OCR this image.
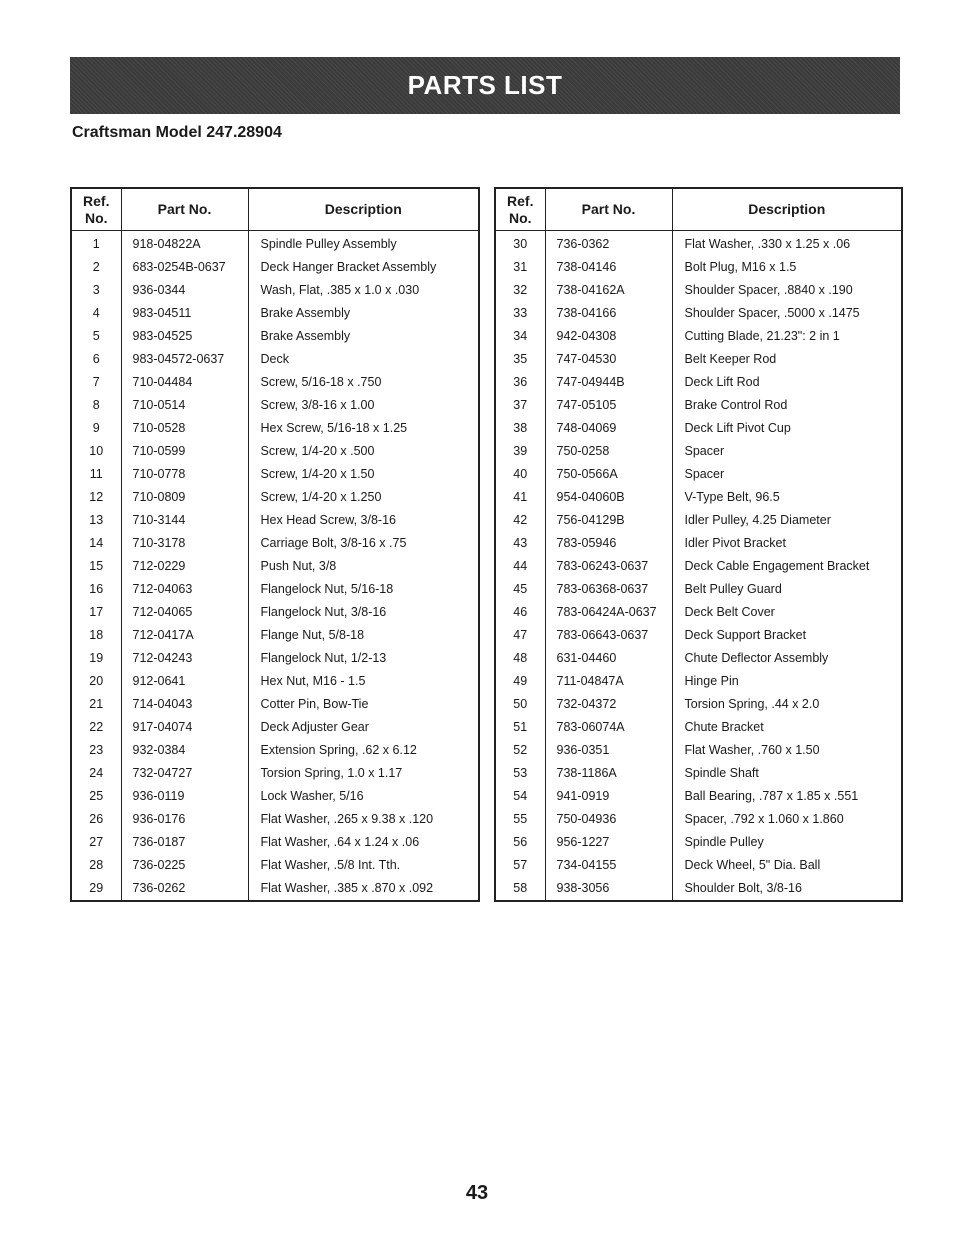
PARTS LIST
Craftsman Model 247.28904
Ref.
No.	Part No.	Description
1	918-04822A	Spindle Pulley Assembly
2	683-0254B-0637	Deck Hanger Bracket Assembly
3	936-0344	Wash, Flat, .385 x 1.0 x .030
4	983-04511	Brake Assembly
5	983-04525	Brake Assembly
6	983-04572-0637	Deck
7	710-04484	Screw, 5/16-18 x .750
8	710-0514	Screw, 3/8-16 x 1.00
9	710-0528	Hex Screw, 5/16-18 x 1.25
10	710-0599	Screw, 1/4-20 x .500
11	710-0778	Screw, 1/4-20 x 1.50
12	710-0809	Screw, 1/4-20 x 1.250
13	710-3144	Hex Head Screw, 3/8-16
14	710-3178	Carriage Bolt, 3/8-16 x .75
15	712-0229	Push Nut, 3/8
16	712-04063	Flangelock Nut, 5/16-18
17	712-04065	Flangelock Nut, 3/8-16
18	712-0417A	Flange Nut, 5/8-18
19	712-04243	Flangelock Nut, 1/2-13
20	912-0641	Hex Nut, M16 - 1.5
21	714-04043	Cotter Pin, Bow-Tie
22	917-04074	Deck Adjuster Gear
23	932-0384	Extension Spring, .62 x 6.12
24	732-04727	Torsion Spring, 1.0 x 1.17
25	936-0119	Lock Washer, 5/16
26	936-0176	Flat Washer, .265 x 9.38 x .120
27	736-0187	Flat Washer, .64 x 1.24 x .06
28	736-0225	Flat Washer, .5/8 Int. Tth.
29	736-0262	Flat Washer, .385 x .870 x .092
Ref.
No.	Part No.	Description
30	736-0362	Flat Washer, .330 x 1.25 x .06
31	738-04146	Bolt Plug, M16 x 1.5
32	738-04162A	Shoulder Spacer, .8840 x .190
33	738-04166	Shoulder Spacer, .5000 x .1475
34	942-04308	Cutting Blade, 21.23": 2 in 1
35	747-04530	Belt Keeper Rod
36	747-04944B	Deck Lift Rod
37	747-05105	Brake Control Rod
38	748-04069	Deck Lift Pivot Cup
39	750-0258	Spacer
40	750-0566A	Spacer
41	954-04060B	V-Type Belt, 96.5
42	756-04129B	Idler Pulley, 4.25 Diameter
43	783-05946	Idler Pivot Bracket
44	783-06243-0637	Deck Cable Engagement Bracket
45	783-06368-0637	Belt Pulley Guard
46	783-06424A-0637	Deck Belt Cover
47	783-06643-0637	Deck Support Bracket
48	631-04460	Chute Deflector Assembly
49	711-04847A	Hinge Pin
50	732-04372	Torsion Spring, .44 x 2.0
51	783-06074A	Chute Bracket
52	936-0351	Flat Washer, .760 x 1.50
53	738-1186A	Spindle Shaft
54	941-0919	Ball Bearing, .787 x 1.85 x .551
55	750-04936	Spacer, .792 x 1.060 x 1.860
56	956-1227	Spindle Pulley
57	734-04155	Deck Wheel, 5" Dia. Ball
58	938-3056	Shoulder Bolt, 3/8-16
43
